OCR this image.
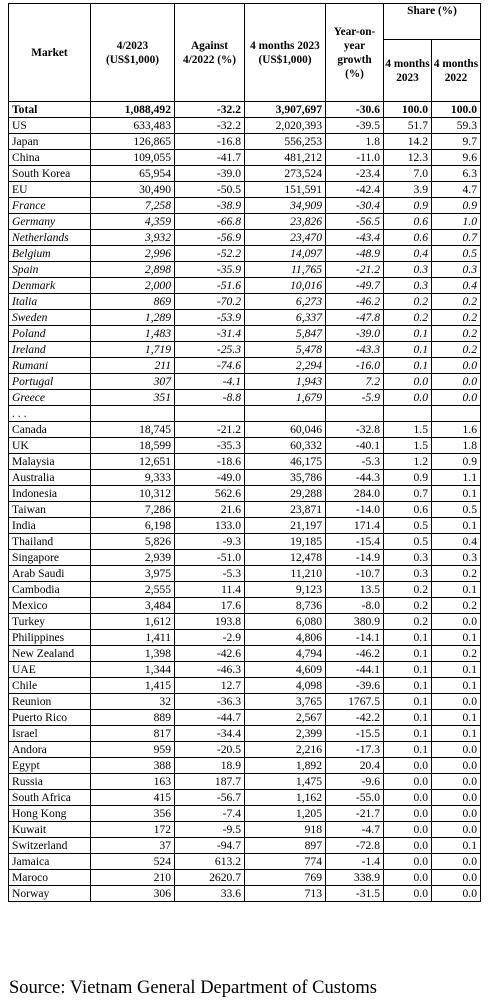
Market	4/2023 (US$1,000)	Against 4/2022 (%)	4 months 2023 (US$1,000)	Year-on-year growth (%)	Share (%)	
					4 months 2023	4 months 2022
Total	1,088,492	-32.2	3,907,697	-30.6	100.0	100.0
US	633,483	-32.2	2,020,393	-39.5	51.7	59.3
Japan	126,865	-16.8	556,253	1.8	14.2	9.7
China	109,055	-41.7	481,212	-11.0	12.3	9.6
South Korea	65,954	-39.0	273,524	-23.4	7.0	6.3
EU	30,490	-50.5	151,591	-42.4	3.9	4.7
France	7,258	-38.9	34,909	-30.4	0.9	0.9
Germany	4,359	-66.8	23,826	-56.5	0.6	1.0
Netherlands	3,932	-56.9	23,470	-43.4	0.6	0.7
Belgium	2,996	-52.2	14,097	-48.9	0.4	0.5
Spain	2,898	-35.9	11,765	-21.2	0.3	0.3
Denmark	2,000	-51.6	10,016	-49.7	0.3	0.4
Italia	869	-70.2	6,273	-46.2	0.2	0.2
Sweden	1,289	-53.9	6,337	-47.8	0.2	0.2
Poland	1,483	-31.4	5,847	-39.0	0.1	0.2
Ireland	1,719	-25.3	5,478	-43.3	0.1	0.2
Rumani	211	-74.6	2,294	-16.0	0.1	0.0
Portugal	307	-4.1	1,943	7.2	0.0	0.0
Greece	351	-8.8	1,679	-5.9	0.0	0.0
. . .						
Canada	18,745	-21.2	60,046	-32.8	1.5	1.6
UK	18,599	-35.3	60,332	-40.1	1.5	1.8
Malaysia	12,651	-18.6	46,175	-5.3	1.2	0.9
Australia	9,333	-49.0	35,786	-44.3	0.9	1.1
Indonesia	10,312	562.6	29,288	284.0	0.7	0.1
Taiwan	7,286	21.6	23,871	-14.0	0.6	0.5
India	6,198	133.0	21,197	171.4	0.5	0.1
Thailand	5,826	-9.3	19,185	-15.4	0.5	0.4
Singapore	2,939	-51.0	12,478	-14.9	0.3	0.3
Arab Saudi	3,975	-5.3	11,210	-10.7	0.3	0.2
Cambodia	2,555	11.4	9,123	13.5	0.2	0.1
Mexico	3,484	17.6	8,736	-8.0	0.2	0.2
Turkey	1,612	193.8	6,080	380.9	0.2	0.0
Philippines	1,411	-2.9	4,806	-14.1	0.1	0.1
New Zealand	1,398	-42.6	4,794	-46.2	0.1	0.2
UAE	1,344	-46.3	4,609	-44.1	0.1	0.1
Chile	1,415	12.7	4,098	-39.6	0.1	0.1
Reunion	32	-36.3	3,765	1767.5	0.1	0.0
Puerto Rico	889	-44.7	2,567	-42.2	0.1	0.1
Israel	817	-34.4	2,399	-15.5	0.1	0.1
Andora	959	-20.5	2,216	-17.3	0.1	0.0
Egypt	388	18.9	1,892	20.4	0.0	0.0
Russia	163	187.7	1,475	-9.6	0.0	0.0
South Africa	415	-56.7	1,162	-55.0	0.0	0.0
Hong Kong	356	-7.4	1,205	-21.7	0.0	0.0
Kuwait	172	-9.5	918	-4.7	0.0	0.0
Switzerland	37	-94.7	897	-72.8	0.0	0.1
Jamaica	524	613.2	774	-1.4	0.0	0.0
Maroco	210	2620.7	769	338.9	0.0	0.0
Norway	306	33.6	713	-31.5	0.0	0.0
Source: Vietnam General Department of Customs
